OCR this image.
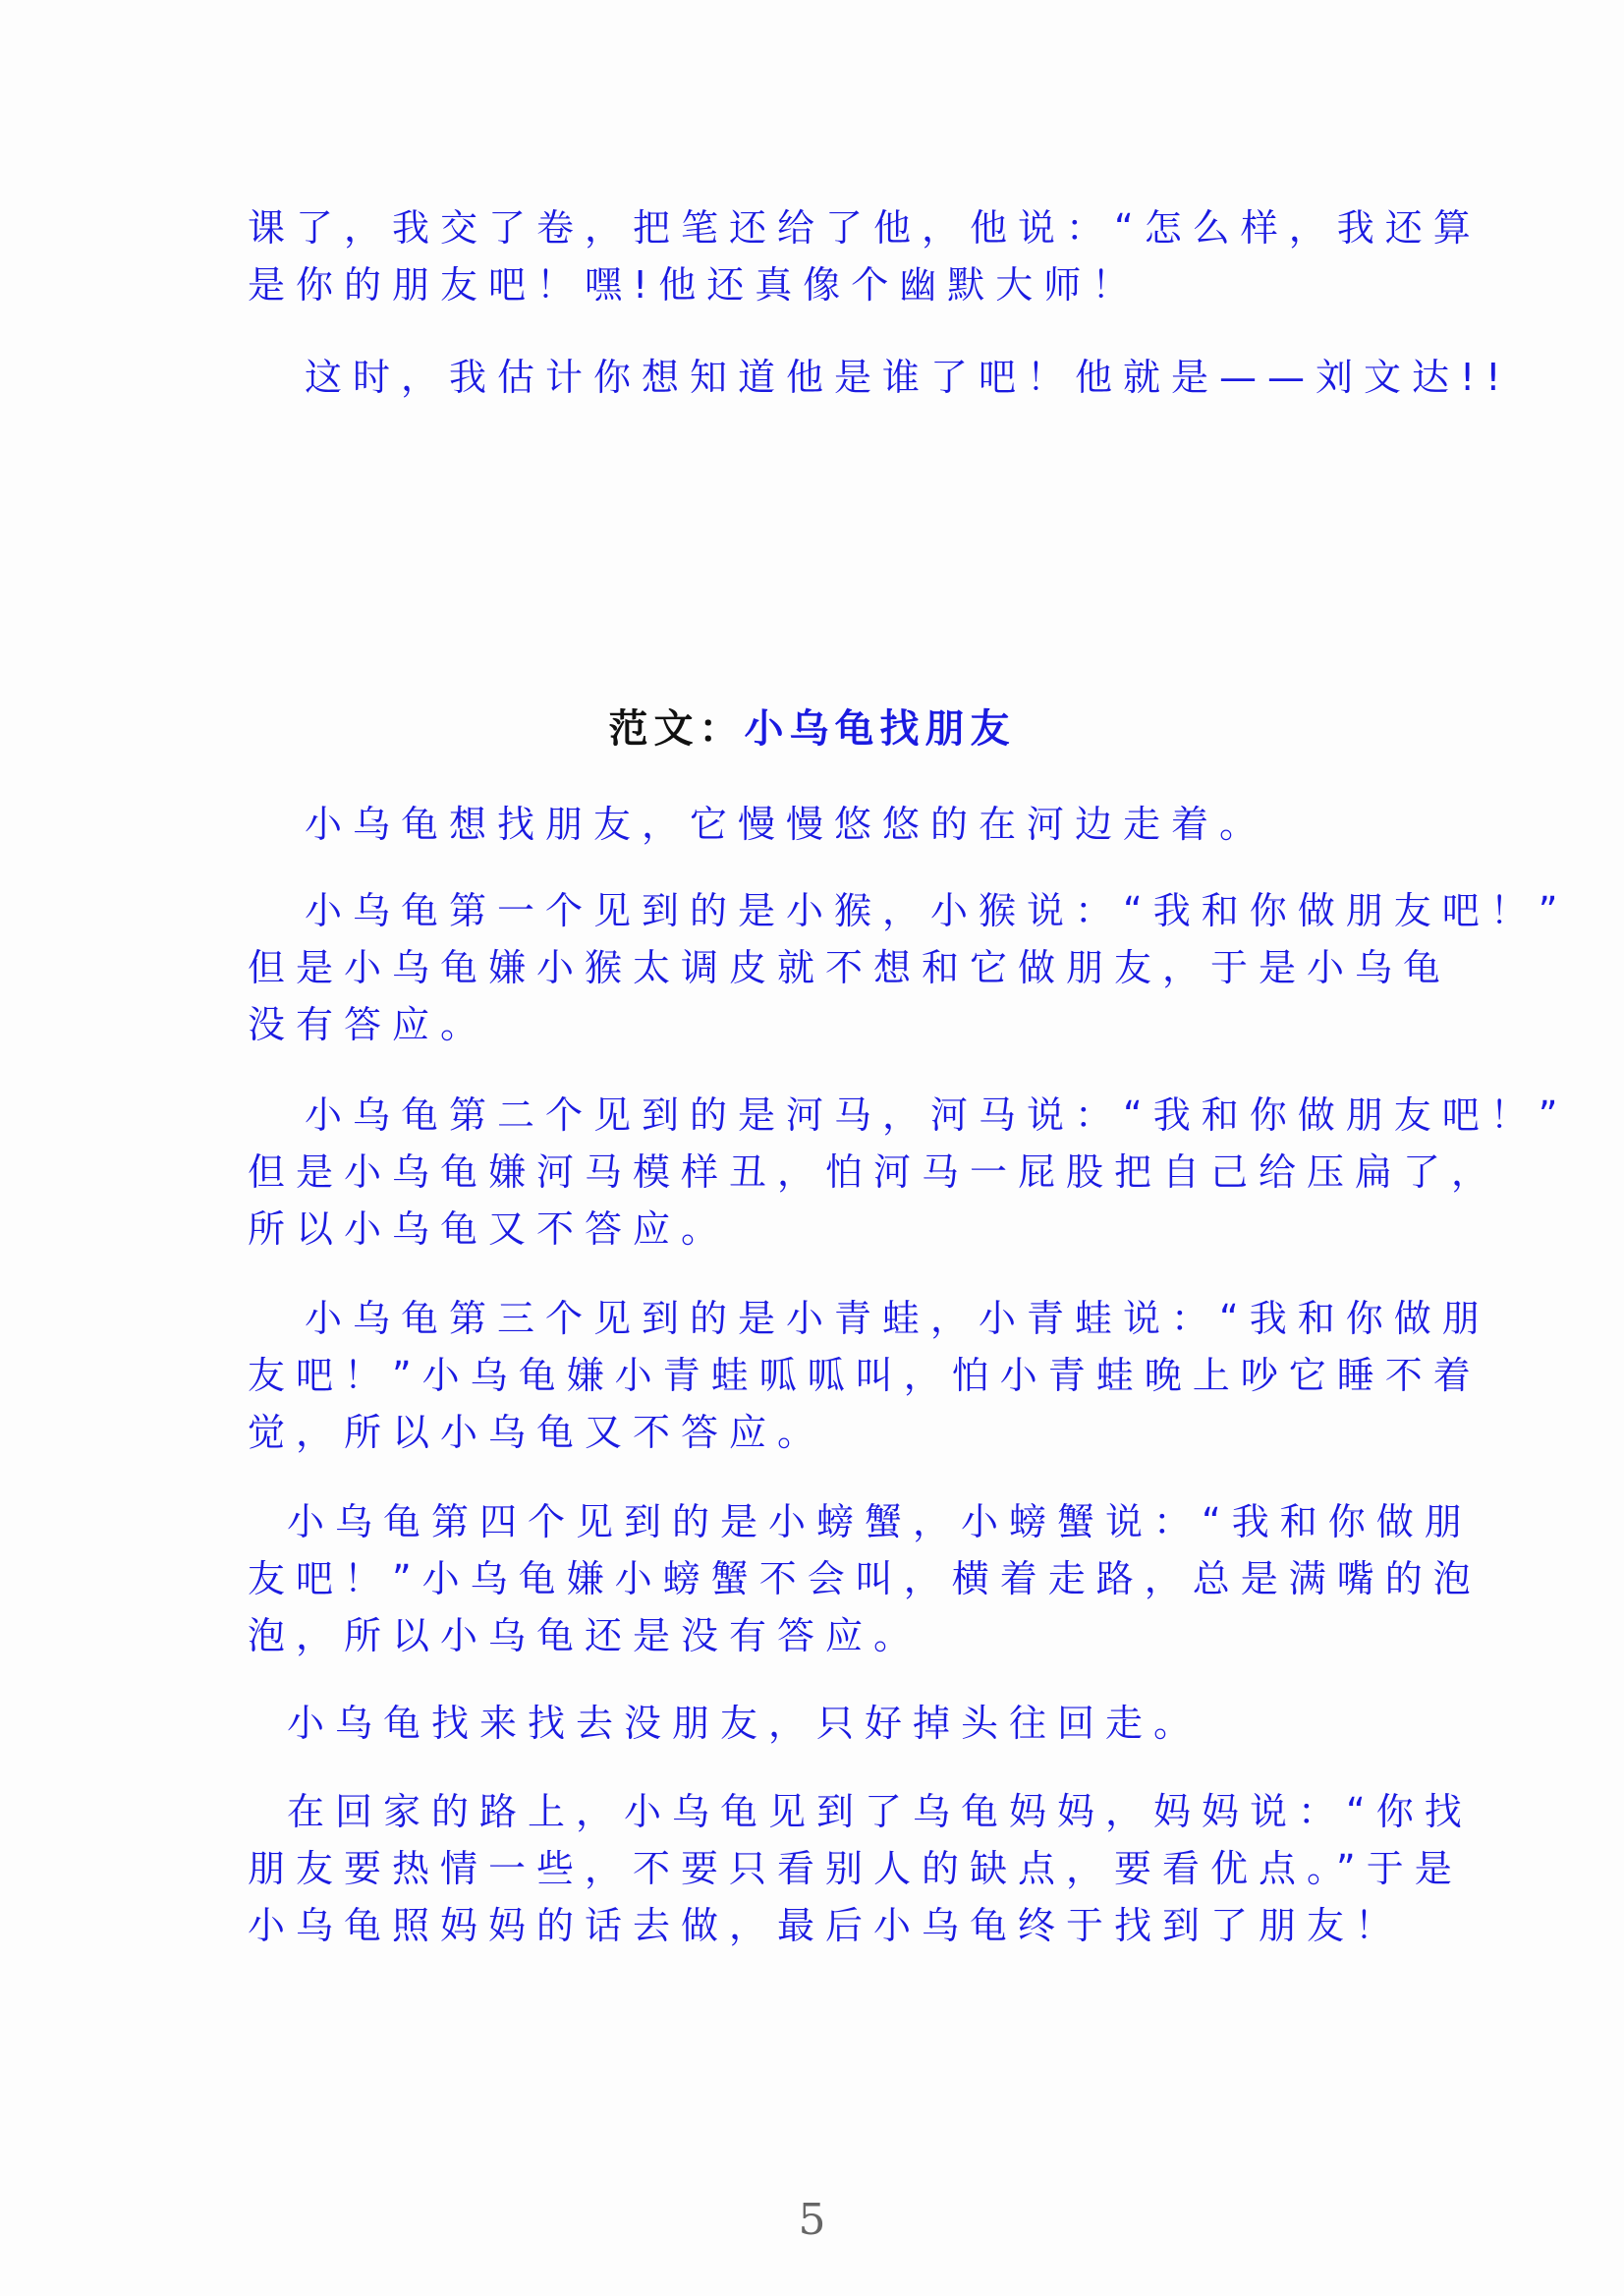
课了，我交了卷，把笔还给了他，他说：“怎么样，我还算
是你的朋友吧！嘿!他还真像个幽默大师！
这时，我估计你想知道他是谁了吧！他就是——刘文达!!
范文：小乌龟找朋友
小乌龟想找朋友，它慢慢悠悠的在河边走着。
小乌龟第一个见到的是小猴，小猴说：“我和你做朋友吧！”
但是小乌龟嫌小猴太调皮就不想和它做朋友，于是小乌龟
没有答应。
小乌龟第二个见到的是河马，河马说：“我和你做朋友吧！”
但是小乌龟嫌河马模样丑，怕河马一屁股把自己给压扁了，
所以小乌龟又不答应。
小乌龟第三个见到的是小青蛙，小青蛙说：“我和你做朋
友吧！”小乌龟嫌小青蛙呱呱叫，怕小青蛙晚上吵它睡不着
觉，所以小乌龟又不答应。
小乌龟第四个见到的是小螃蟹，小螃蟹说：“我和你做朋
友吧！”小乌龟嫌小螃蟹不会叫，横着走路，总是满嘴的泡
泡，所以小乌龟还是没有答应。
小乌龟找来找去没朋友，只好掉头往回走。
在回家的路上，小乌龟见到了乌龟妈妈，妈妈说：“你找
朋友要热情一些，不要只看别人的缺点，要看优点。”于是
小乌龟照妈妈的话去做，最后小乌龟终于找到了朋友！
5
